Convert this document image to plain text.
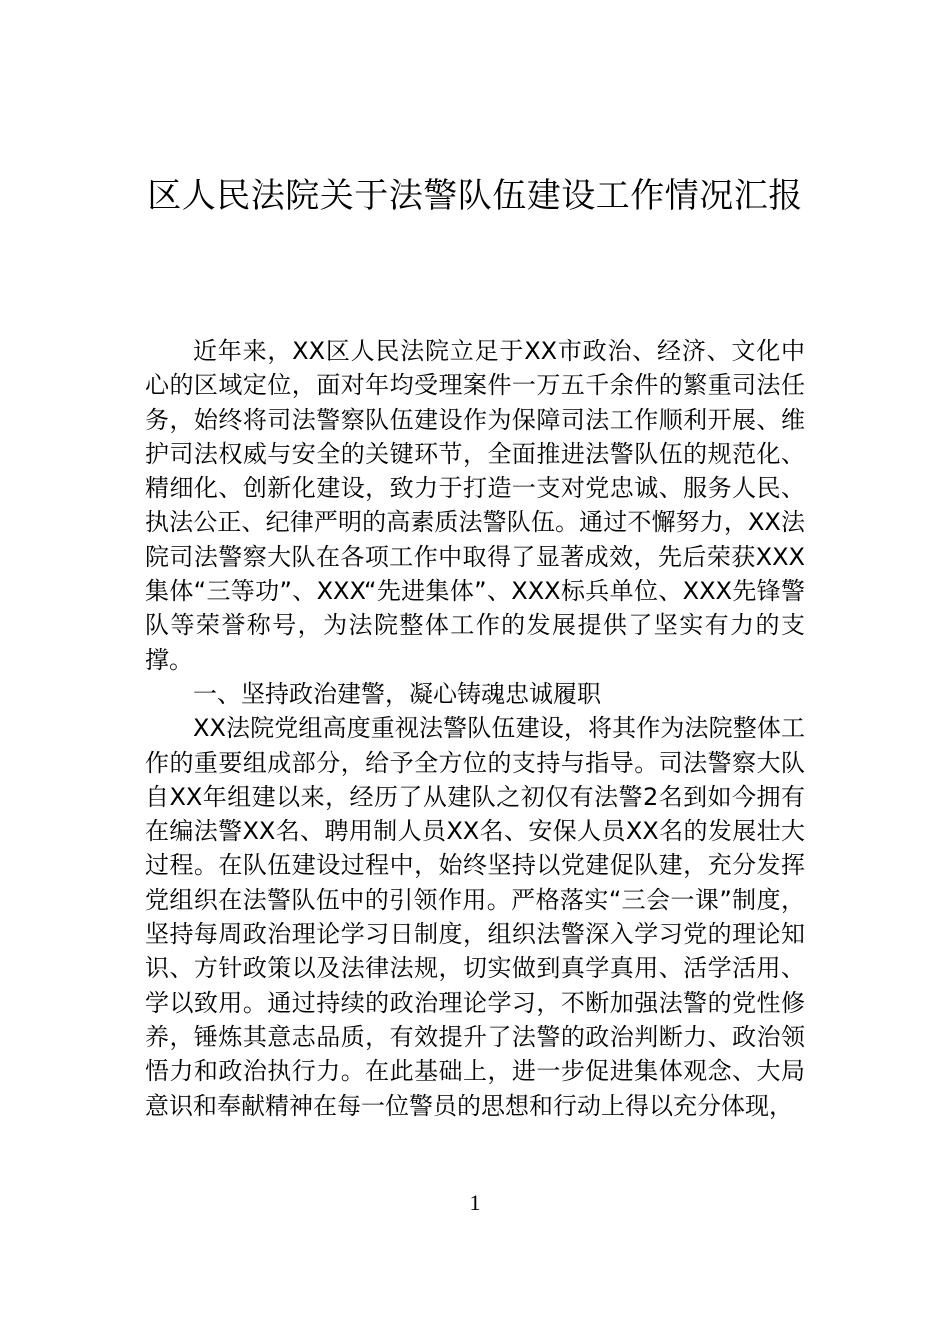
区人民法院关于法警队伍建设工作情况汇报

近年来，XX区人民法院立足于XX市政治、经济、文化中心的区域定位，面对年均受理案件一万五千余件的繁重司法任务，始终将司法警察队伍建设作为保障司法工作顺利开展、维护司法权威与安全的关键环节，全面推进法警队伍的规范化、精细化、创新化建设，致力于打造一支对党忠诚、服务人民、执法公正、纪律严明的高素质法警队伍。通过不懈努力，XX法院司法警察大队在各项工作中取得了显著成效，先后荣获XXX集体“三等功”、XXX“先进集体”、XXX标兵单位、XXX先锋警队等荣誉称号，为法院整体工作的发展提供了坚实有力的支撑。

一、坚持政治建警，凝心铸魂忠诚履职

XX法院党组高度重视法警队伍建设，将其作为法院整体工作的重要组成部分，给予全方位的支持与指导。司法警察大队自XX年组建以来，经历了从建队之初仅有法警2名到如今拥有在编法警XX名、聘用制人员XX名、安保人员XX名的发展壮大过程。在队伍建设过程中，始终坚持以党建促队建，充分发挥党组织在法警队伍中的引领作用。严格落实“三会一课”制度，坚持每周政治理论学习日制度，组织法警深入学习党的理论知识、方针政策以及法律法规，切实做到真学真用、活学活用、学以致用。通过持续的政治理论学习，不断加强法警的党性修养，锤炼其意志品质，有效提升了法警的政治判断力、政治领悟力和政治执行力。在此基础上，进一步促进集体观念、大局意识和奉献精神在每一位警员的思想和行动上得以充分体现，

1
